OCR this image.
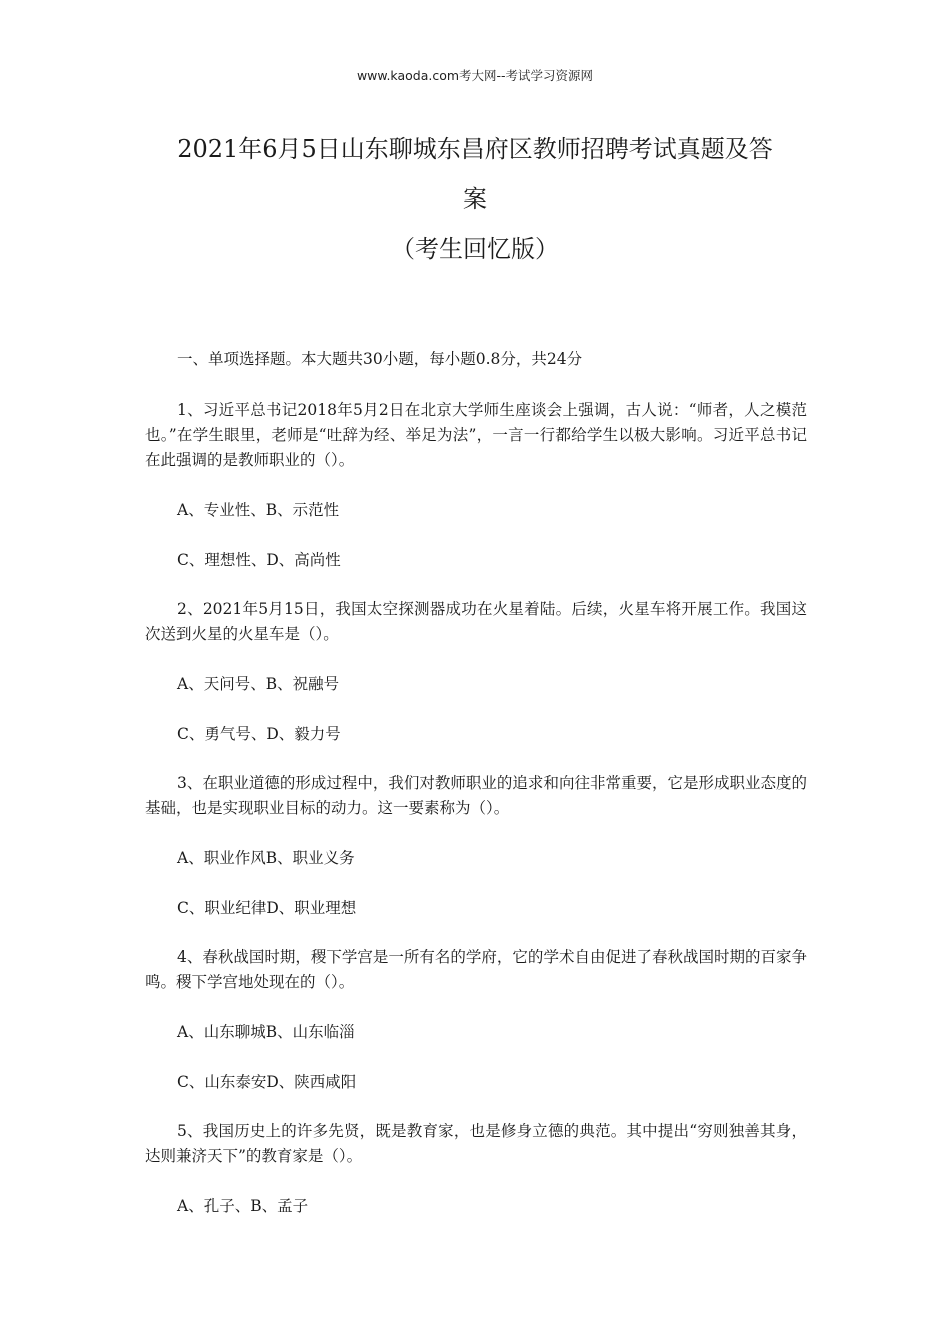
www.kaoda.com考大网--考试学习资源网
2021年6月5日山东聊城东昌府区教师招聘考试真题及答
案
（考生回忆版）

一、单项选择题。本大题共30小题，每小题0.8分，共24分

1、习近平总书记2018年5月2日在北京大学师生座谈会上强调，古人说：“师者，人之模范也。”在学生眼里，老师是“吐辞为经、举足为法”，一言一行都给学生以极大影响。习近平总书记在此强调的是教师职业的（）。

A、专业性、B、示范性

C、理想性、D、高尚性

2、2021年5月15日，我国太空探测器成功在火星着陆。后续，火星车将开展工作。我国这次送到火星的火星车是（）。

A、天问号、B、祝融号

C、勇气号、D、毅力号

3、在职业道德的形成过程中，我们对教师职业的追求和向往非常重要，它是形成职业态度的基础，也是实现职业目标的动力。这一要素称为（）。

A、职业作风B、职业义务

C、职业纪律D、职业理想

4、春秋战国时期，稷下学宫是一所有名的学府，它的学术自由促进了春秋战国时期的百家争鸣。稷下学宫地处现在的（）。

A、山东聊城B、山东临淄

C、山东泰安D、陕西咸阳

5、我国历史上的许多先贤，既是教育家，也是修身立德的典范。其中提出“穷则独善其身，达则兼济天下”的教育家是（）。

A、孔子、B、孟子
